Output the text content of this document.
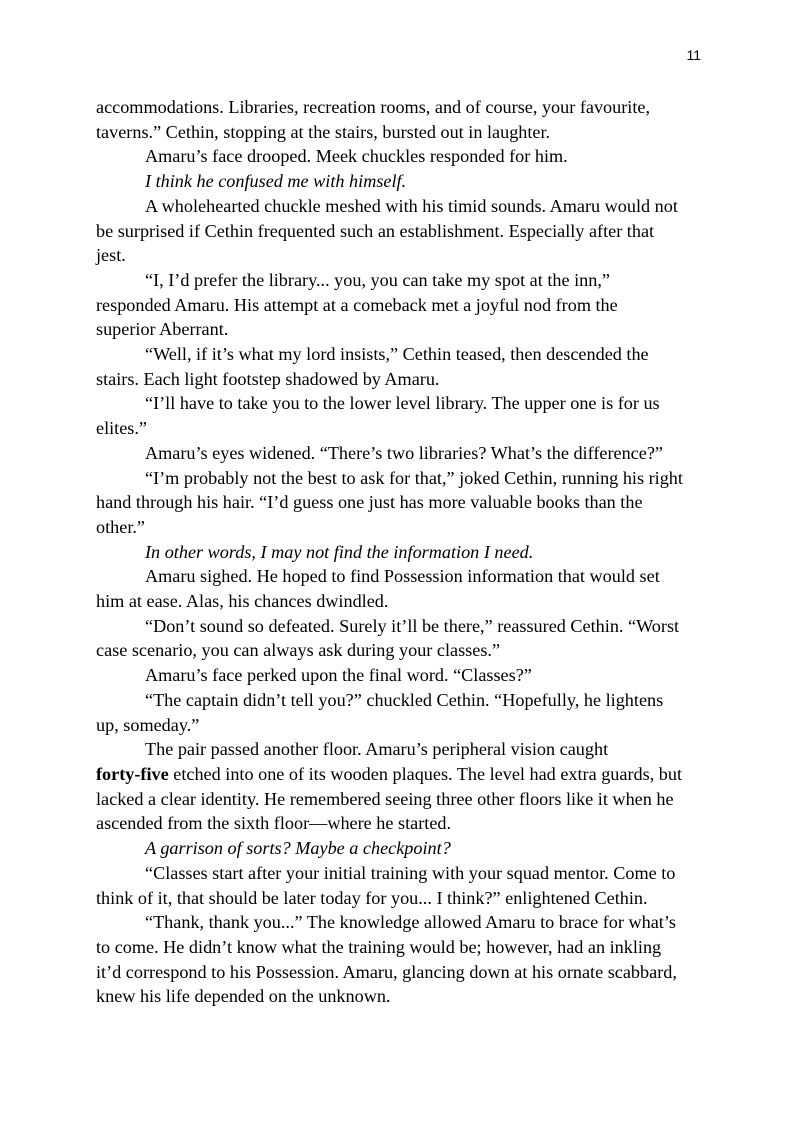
11

accommodations. Libraries, recreation rooms, and of course, your favourite,
taverns.” Cethin, stopping at the stairs, bursted out in laughter.

Amaru’s face drooped. Meek chuckles responded for him.

I think he confused me with himself.

A wholehearted chuckle meshed with his timid sounds. Amaru would not
be surprised if Cethin frequented such an establishment. Especially after that
jest.

“I, I’d prefer the library... you, you can take my spot at the inn,”
responded Amaru. His attempt at a comeback met a joyful nod from the
superior Aberrant.

“Well, if it’s what my lord insists,” Cethin teased, then descended the
stairs. Each light footstep shadowed by Amaru.

“I’ll have to take you to the lower level library. The upper one is for us
elites.”

Amaru’s eyes widened. “There’s two libraries? What’s the difference?”

“I’m probably not the best to ask for that,” joked Cethin, running his right
hand through his hair. “I’d guess one just has more valuable books than the
other.”

In other words, I may not find the information I need.

Amaru sighed. He hoped to find Possession information that would set
him at ease. Alas, his chances dwindled.

“Don’t sound so defeated. Surely it’ll be there,” reassured Cethin. “Worst
case scenario, you can always ask during your classes.”

Amaru’s face perked upon the final word. “Classes?”

“The captain didn’t tell you?” chuckled Cethin. “Hopefully, he lightens
up, someday.”

The pair passed another floor. Amaru’s peripheral vision caught
forty-five etched into one of its wooden plaques. The level had extra guards, but
lacked a clear identity. He remembered seeing three other floors like it when he
ascended from the sixth floor—where he started.

A garrison of sorts? Maybe a checkpoint?

“Classes start after your initial training with your squad mentor. Come to
think of it, that should be later today for you... I think?” enlightened Cethin.

“Thank, thank you...” The knowledge allowed Amaru to brace for what’s
to come. He didn’t know what the training would be; however, had an inkling
it’d correspond to his Possession. Amaru, glancing down at his ornate scabbard,
knew his life depended on the unknown.
